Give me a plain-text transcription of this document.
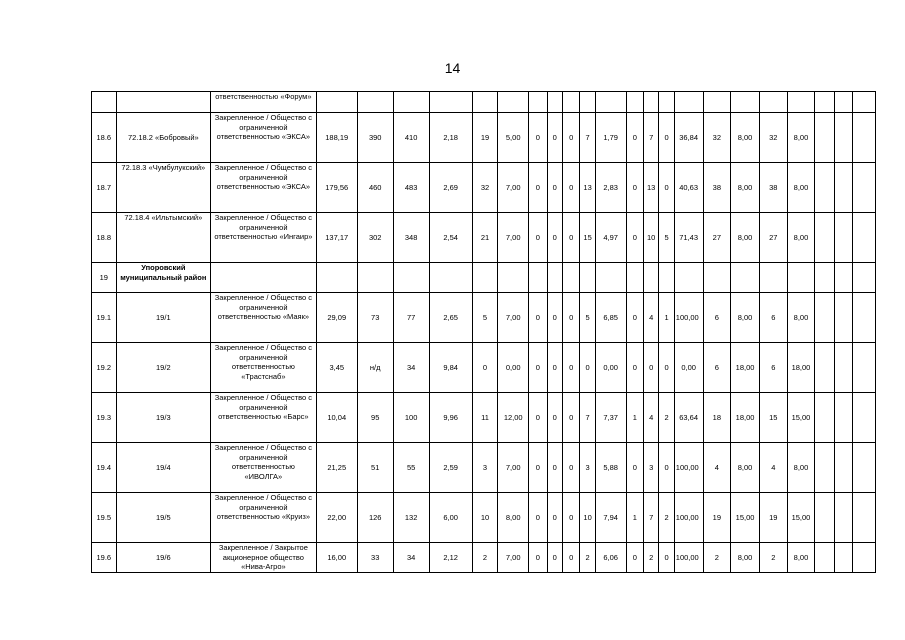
14
		ответственностью «Форум»																						
18.6	72.18.2 «Бобровый»	Закрепленное / Общество с ограниченной ответственностью «ЭКСА»	188,19	390	410	2,18	19	5,00	0	0	0	7	1,79	0	7	0	36,84	32	8,00	32	8,00			
18.7	72.18.3 «Чумбулукский»	Закрепленное / Общество с ограниченной ответственностью «ЭКСА»	179,56	460	483	2,69	32	7,00	0	0	0	13	2,83	0	13	0	40,63	38	8,00	38	8,00			
18.8	72.18.4 «Ильтымский»	Закрепленное / Общество с ограниченной ответственностью «Ингаир»	137,17	302	348	2,54	21	7,00	0	0	0	15	4,97	0	10	5	71,43	27	8,00	27	8,00			
19	Упоровский муниципальный район																							
19.1	19/1	Закрепленное / Общество с ограниченной ответственностью «Маяк»	29,09	73	77	2,65	5	7,00	0	0	0	5	6,85	0	4	1	100,00	6	8,00	6	8,00			
19.2	19/2	Закрепленное / Общество с ограниченной ответственностью «Трастснаб»	3,45	н/д	34	9,84	0	0,00	0	0	0	0	0,00	0	0	0	0,00	6	18,00	6	18,00			
19.3	19/3	Закрепленное / Общество с ограниченной ответственностью «Барс»	10,04	95	100	9,96	11	12,00	0	0	0	7	7,37	1	4	2	63,64	18	18,00	15	15,00			
19.4	19/4	Закрепленное / Общество с ограниченной ответственностью «ИВОЛГА»	21,25	51	55	2,59	3	7,00	0	0	0	3	5,88	0	3	0	100,00	4	8,00	4	8,00			
19.5	19/5	Закрепленное / Общество с ограниченной ответственностью «Круиз»	22,00	126	132	6,00	10	8,00	0	0	0	10	7,94	1	7	2	100,00	19	15,00	19	15,00			
19.6	19/6	Закрепленное / Закрытое акционерное общество «Нива-Агро»	16,00	33	34	2,12	2	7,00	0	0	0	2	6,06	0	2	0	100,00	2	8,00	2	8,00			
